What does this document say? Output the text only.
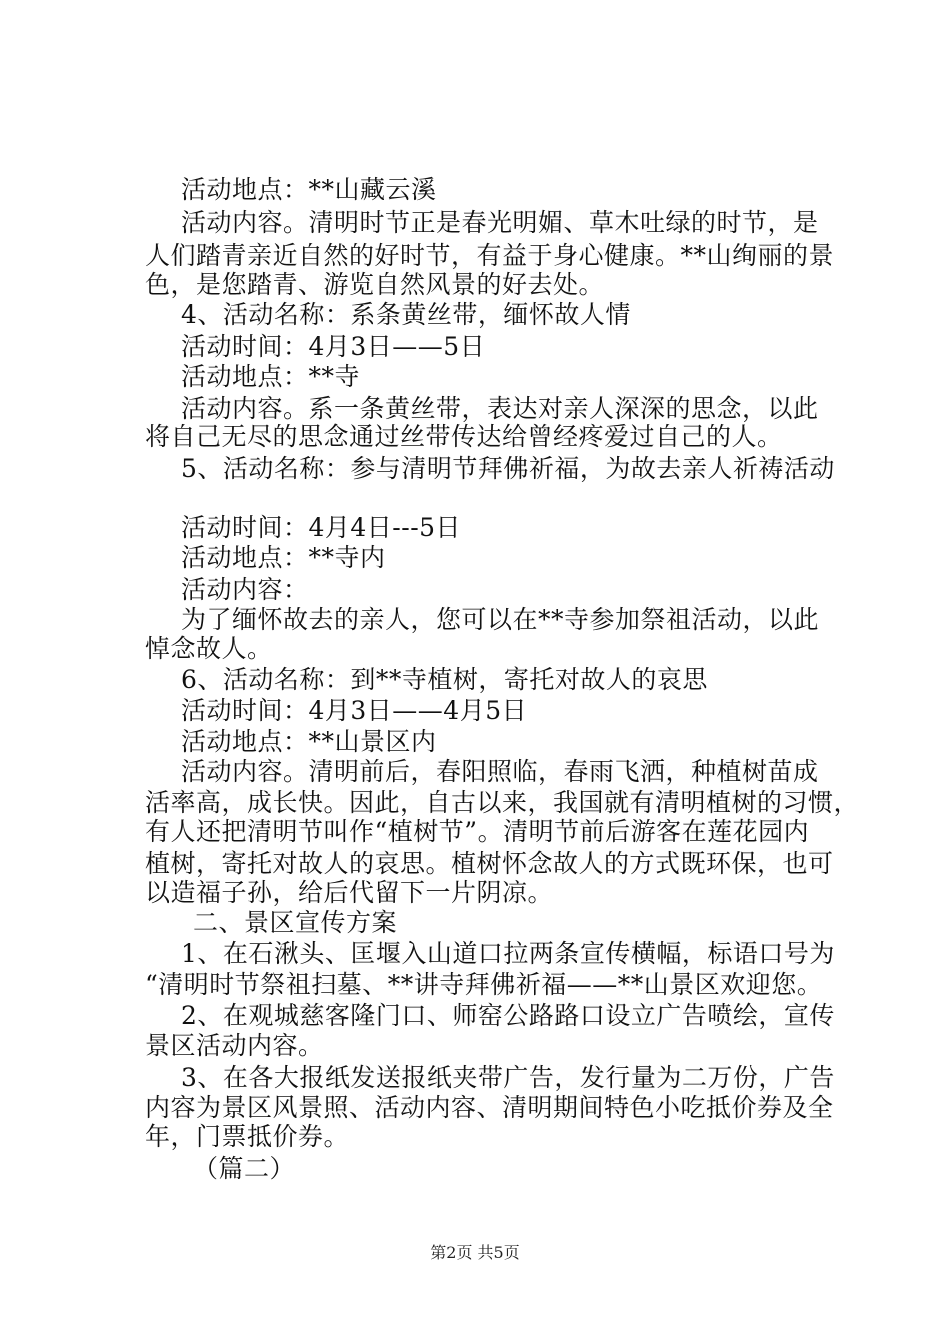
活动地点：**山藏云溪
活动内容。清明时节正是春光明媚、草木吐绿的时节，是
人们踏青亲近自然的好时节，有益于身心健康。**山绚丽的景
色，是您踏青、游览自然风景的好去处。
4、活动名称：系条黄丝带，缅怀故人情
活动时间：4月3日——5日
活动地点：**寺
活动内容。系一条黄丝带，表达对亲人深深的思念，以此
将自己无尽的思念通过丝带传达给曾经疼爱过自己的人。
5、活动名称：参与清明节拜佛祈福，为故去亲人祈祷活动
活动时间：4月4日---5日
活动地点：**寺内
活动内容：
为了缅怀故去的亲人，您可以在**寺参加祭祖活动，以此
悼念故人。
6、活动名称：到**寺植树，寄托对故人的哀思
活动时间：4月3日——4月5日
活动地点：**山景区内
活动内容。清明前后，春阳照临，春雨飞洒，种植树苗成
活率高，成长快。因此，自古以来，我国就有清明植树的习惯，
有人还把清明节叫作“植树节”。清明节前后游客在莲花园内
植树，寄托对故人的哀思。植树怀念故人的方式既环保，也可
以造福子孙，给后代留下一片阴凉。
二、景区宣传方案
1、在石湫头、匡堰入山道口拉两条宣传横幅，标语口号为
“清明时节祭祖扫墓、**讲寺拜佛祈福——**山景区欢迎您。
2、在观城慈客隆门口、师窑公路路口设立广告喷绘，宣传
景区活动内容。
3、在各大报纸发送报纸夹带广告，发行量为二万份，广告
内容为景区风景照、活动内容、清明期间特色小吃抵价券及全
年，门票抵价券。
（篇二）
第2页 共5页
